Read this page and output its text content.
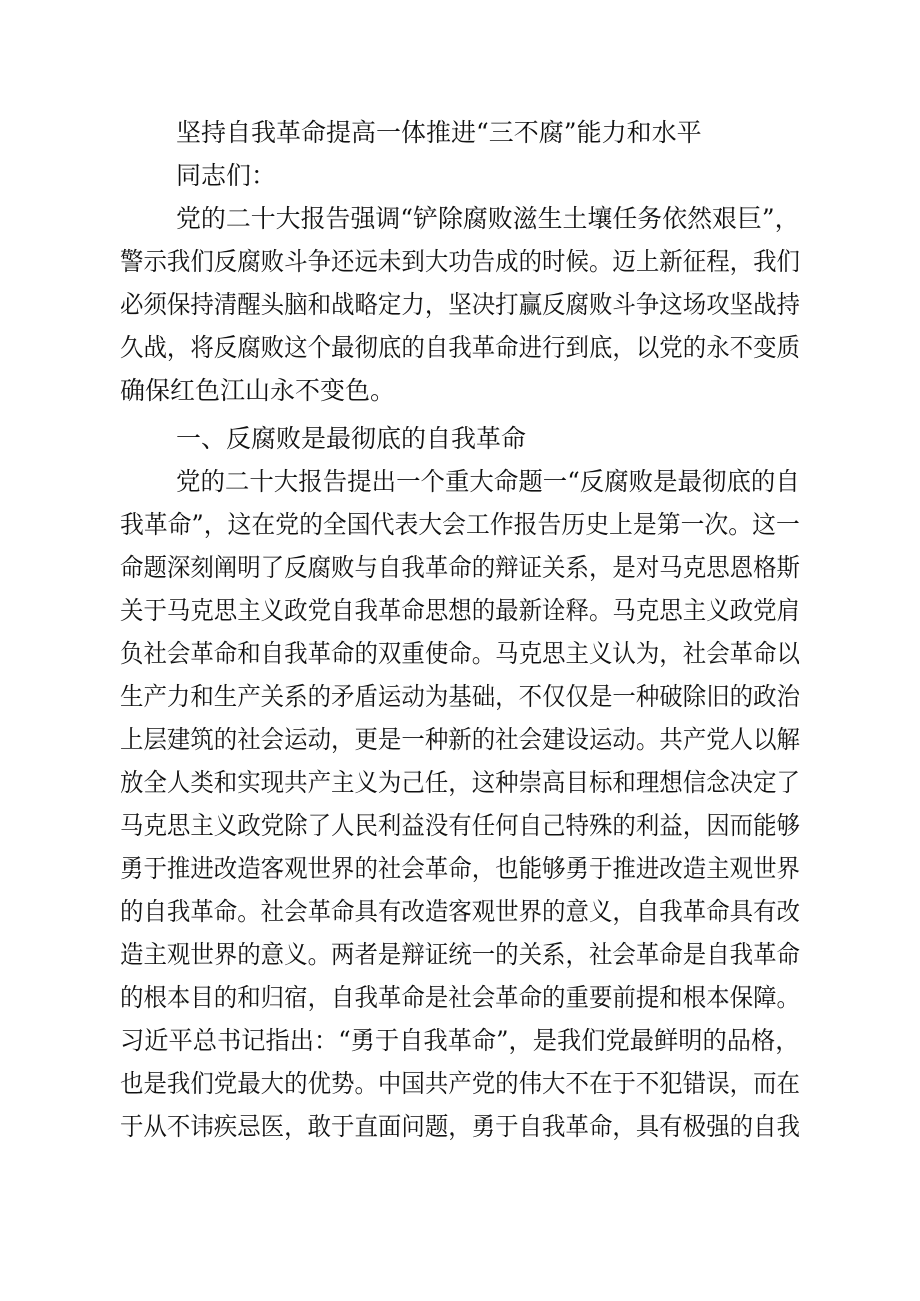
坚持自我革命提高一体推进“三不腐”能力和水平
同志们：
党的二十大报告强调“铲除腐败滋生土壤任务依然艰巨”，
警示我们反腐败斗争还远未到大功告成的时候。迈上新征程，我们
必须保持清醒头脑和战略定力，坚决打赢反腐败斗争这场攻坚战持
久战，将反腐败这个最彻底的自我革命进行到底，以党的永不变质
确保红色江山永不变色。
一、反腐败是最彻底的自我革命
党的二十大报告提出一个重大命题一“反腐败是最彻底的自
我革命”，这在党的全国代表大会工作报告历史上是第一次。这一
命题深刻阐明了反腐败与自我革命的辩证关系，是对马克思恩格斯
关于马克思主义政党自我革命思想的最新诠释。马克思主义政党肩
负社会革命和自我革命的双重使命。马克思主义认为，社会革命以
生产力和生产关系的矛盾运动为基础，不仅仅是一种破除旧的政治
上层建筑的社会运动，更是一种新的社会建设运动。共产党人以解
放全人类和实现共产主义为己任，这种崇高目标和理想信念决定了
马克思主义政党除了人民利益没有任何自己特殊的利益，因而能够
勇于推进改造客观世界的社会革命，也能够勇于推进改造主观世界
的自我革命。社会革命具有改造客观世界的意义，自我革命具有改
造主观世界的意义。两者是辩证统一的关系，社会革命是自我革命
的根本目的和归宿，自我革命是社会革命的重要前提和根本保障。
习近平总书记指出：“勇于自我革命”，是我们党最鲜明的品格，
也是我们党最大的优势。中国共产党的伟大不在于不犯错误，而在
于从不讳疾忌医，敢于直面问题，勇于自我革命，具有极强的自我
